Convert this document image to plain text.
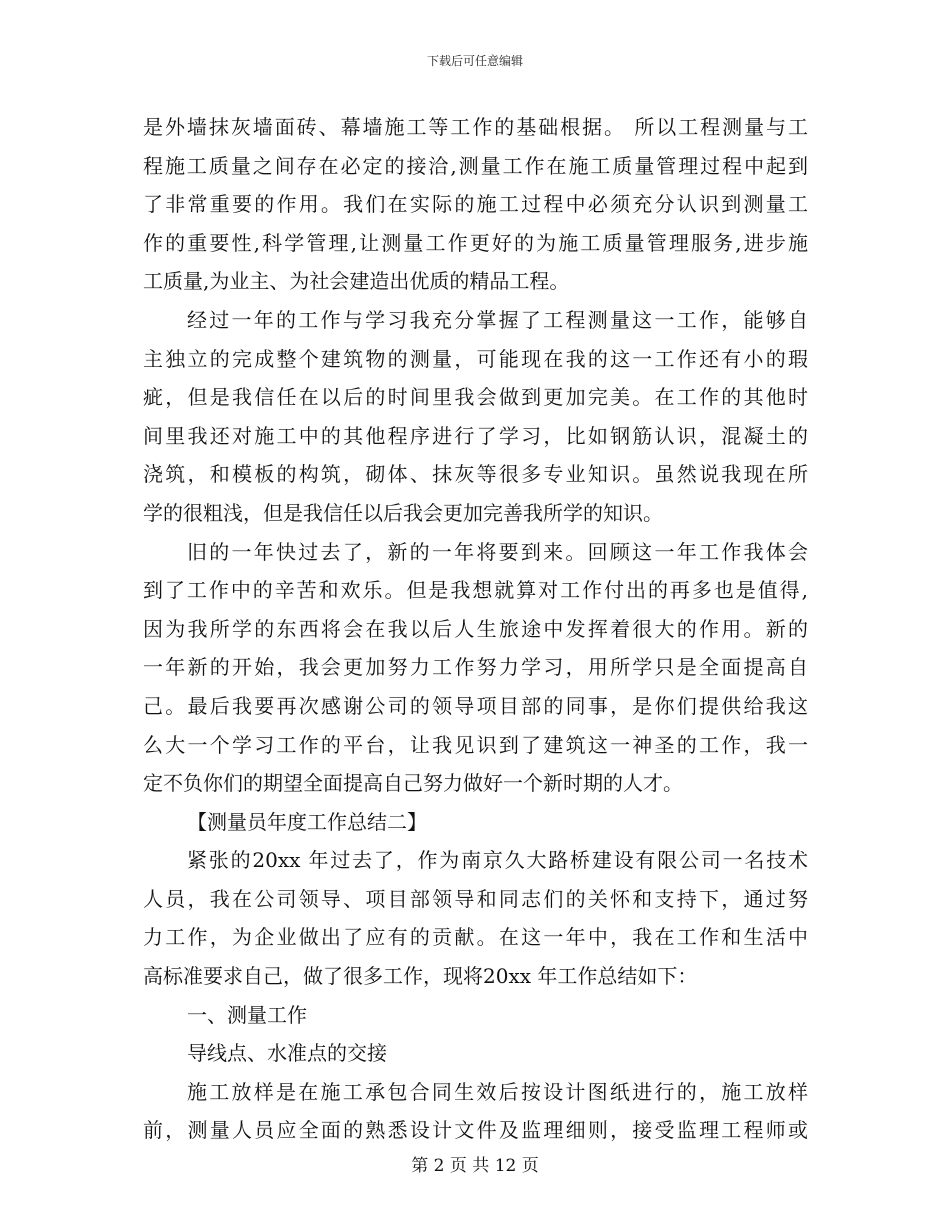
下载后可任意编辑
是外墙抹灰墙面砖、幕墙施工等工作的基础根据。 所以工程测量与工
程施工质量之间存在必定的接洽,测量工作在施工质量管理过程中起到
了非常重要的作用。我们在实际的施工过程中必须充分认识到测量工
作的重要性,科学管理,让测量工作更好的为施工质量管理服务,进步施
工质量,为业主、为社会建造出优质的精品工程。
经过一年的工作与学习我充分掌握了工程测量这一工作，能够自
主独立的完成整个建筑物的测量，可能现在我的这一工作还有小的瑕
疵，但是我信任在以后的时间里我会做到更加完美。在工作的其他时
间里我还对施工中的其他程序进行了学习，比如钢筋认识，混凝土的
浇筑，和模板的构筑，砌体、抹灰等很多专业知识。虽然说我现在所
学的很粗浅，但是我信任以后我会更加完善我所学的知识。
旧的一年快过去了，新的一年将要到来。回顾这一年工作我体会
到了工作中的辛苦和欢乐。但是我想就算对工作付出的再多也是值得,
因为我所学的东西将会在我以后人生旅途中发挥着很大的作用。新的
一年新的开始，我会更加努力工作努力学习，用所学只是全面提高自
己。最后我要再次感谢公司的领导项目部的同事，是你们提供给我这
么大一个学习工作的平台，让我见识到了建筑这一神圣的工作，我一
定不负你们的期望全面提高自己努力做好一个新时期的人才。
【测量员年度工作总结二】
紧张的20xx 年过去了，作为南京久大路桥建设有限公司一名技术
人员，我在公司领导、项目部领导和同志们的关怀和支持下，通过努
力工作，为企业做出了应有的贡献。在这一年中，我在工作和生活中
高标准要求自己，做了很多工作，现将20xx 年工作总结如下：
一、测量工作
导线点、水准点的交接
施工放样是在施工承包合同生效后按设计图纸进行的，施工放样
前，测量人员应全面的熟悉设计文件及监理细则，接受监理工程师或
第 2 页 共 12 页
